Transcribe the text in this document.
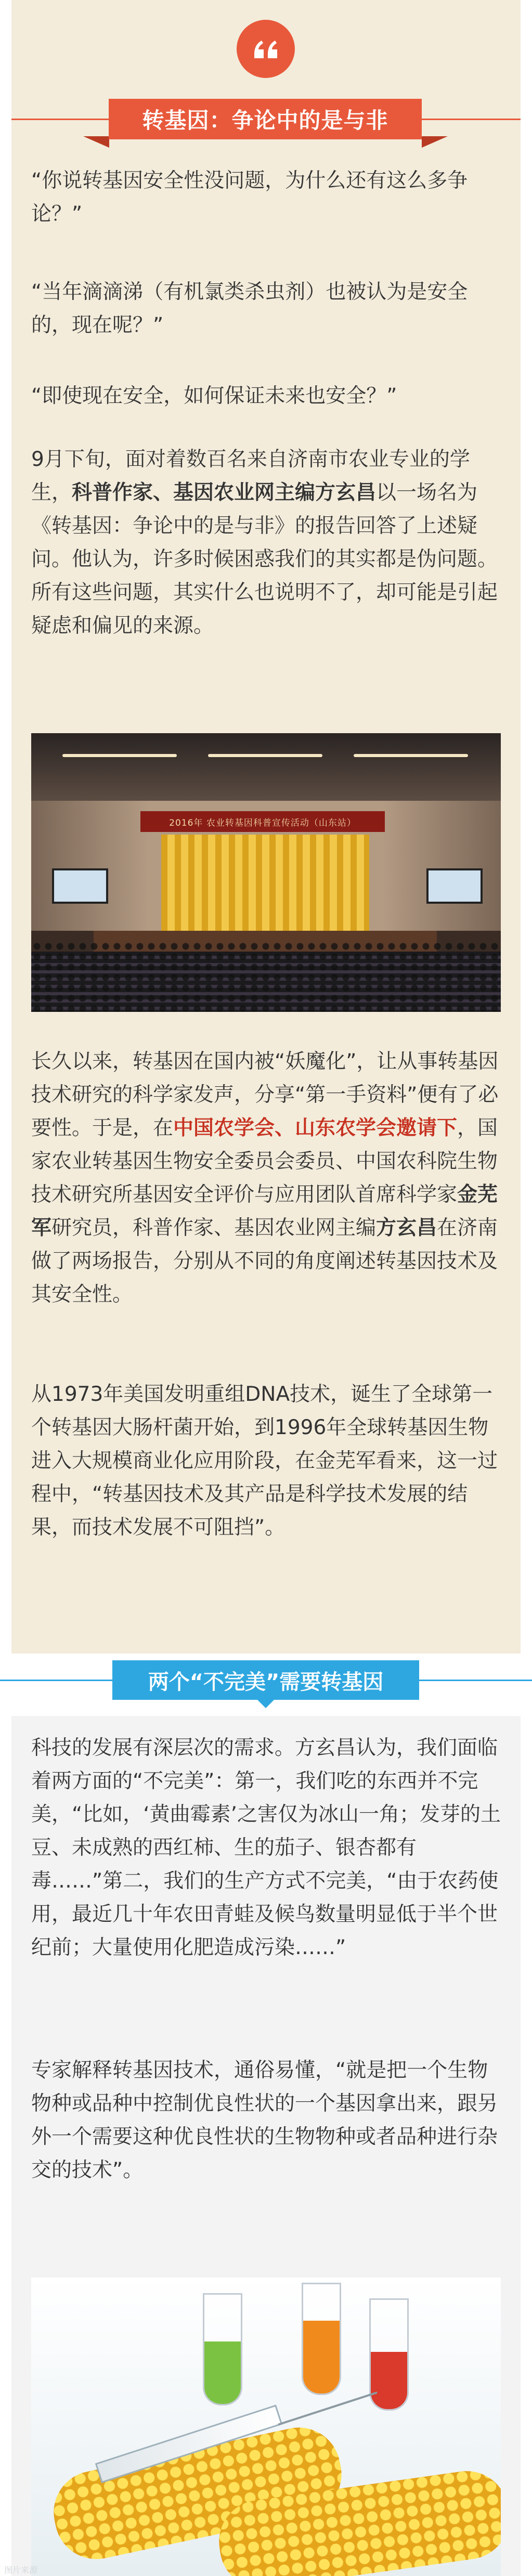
转基因：争论中的是与非

“你说转基因安全性没问题，为什么还有这么多争论？”

“当年滴滴涕（有机氯类杀虫剂）也被认为是安全的，现在呢？”

“即使现在安全，如何保证未来也安全？”

9月下旬，面对着数百名来自济南市农业专业的学生，科普作家、基因农业网主编方玄昌以一场名为《转基因：争论中的是与非》的报告回答了上述疑问。他认为，许多时候困惑我们的其实都是伪问题。所有这些问题，其实什么也说明不了，却可能是引起疑虑和偏见的来源。

2016年 农业转基因科普宣传活动（山东站）
两个“不完美”需要转基因

科技的发展有深层次的需求。方玄昌认为，我们面临着两方面的“不完美”：第一，我们吃的东西并不完美，“比如，‘黄曲霉素’之害仅为冰山一角；发芽的土豆、未成熟的西红柿、生的茄子、银杏都有毒……”第二，我们的生产方式不完美，“由于农药使用，最近几十年农田青蛙及候鸟数量明显低于半个世纪前；大量使用化肥造成污染……”

专家解释转基因技术，通俗易懂，“就是把一个生物物种或品种中控制优良性状的一个基因拿出来，跟另外一个需要这种优良性状的生物物种或者品种进行杂交的技术”。

图片来源

长久以来，转基因在国内被“妖魔化”，让从事转基因技术研究的科学家发声，分享“第一手资料”便有了必要性。于是，在中国农学会、山东农学会邀请下，国家农业转基因生物安全委员会委员、中国农科院生物技术研究所基因安全评价与应用团队首席科学家金芜军研究员，科普作家、基因农业网主编方玄昌在济南做了两场报告，分别从不同的角度阐述转基因技术及其安全性。

从1973年美国发明重组DNA技术，诞生了全球第一个转基因大肠杆菌开始，到1996年全球转基因生物进入大规模商业化应用阶段，在金芜军看来，这一过程中，“转基因技术及其产品是科学技术发展的结果，而技术发展不可阻挡”。
